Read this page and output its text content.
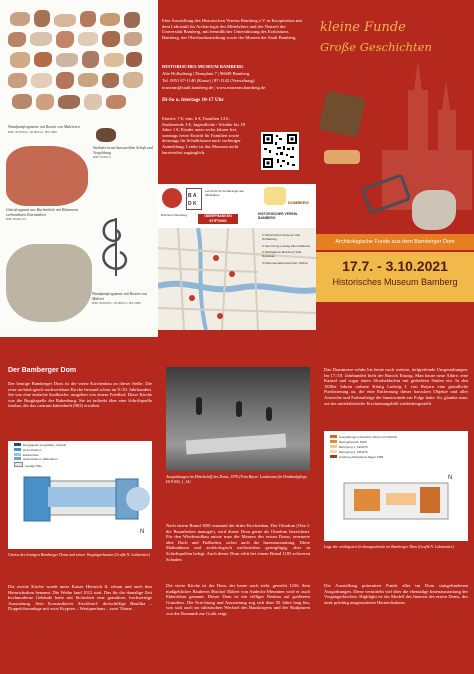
Wandputzfragmente mit Resten von Malereien
HM 18 000/41, 18 000/21, HY 2006
Sitzlederin mit kunstvollem Schaft und Vergoldung
HM 18 661/2
Gitterfragment aus Buchenholz mit Klammern verbundenen Eisenstäben
HM 18 661/15
Wandputzfragmente mit Resten von Malerei
HM 18 000/41, 18 000/21, HY 2006
Eine Ausstellung des Historischen Vereins Bamberg e.V. in Kooperation mit dem Lehrstuhl für Archäologie des Mittelalters und der Neuzeit der Universität Bamberg, mit freundlicher Unterstützung des Erzbistums Bamberg, der Oberfrankenstiftung sowie der Museen der Stadt Bamberg.
HISTORISCHES MUSEUM BAMBERG
Alte Hofhaltung | Domplatz 7 | 96049 Bamberg
Tel. 0951 87-1140 (Kasse) | 87-1142 (Verwaltung)
museum@stadt.bamberg.de | www.museum.bamberg.de
Di-So u. feiertags 10-17 Uhr
Eintritt: 7 €, erm. 6 €, Familien 14 €, Studierende 3 €, Jugendliche / Schüler bis 18 Jahre 1 €, Kinder unter sechs Jahren frei, sonntags freier Eintritt für Familien sowie dienstags für Schulklassen nach vorheriger Anmeldung. Leider ist das Museum nicht barrierefrei zugänglich.
B A
D K
Lehrstuhl für Archäologie des Mittelalters
DOMBERG
Erzbistum Bamberg	OBERFRANKEN STIFTUNG
HISTORISCHER VEREIN BAMBERG
1 Historisches Museum Alte Hofhaltung
2 Sammlung Ludwig Altes Rathaus
3 Stadtgalerie Bamberg Villa Dessauer
4 Dokumentationszentrum Wilma
kleine Funde
Große Geschichten
Archäologische Funde aus dem Bamberger Dom
17.7. - 3.10.2021
Historisches Museum Bamberg
Der Bamberger Dom
Der heutige Bamberger Dom ist der vierte Kirchenbau an dieser Stelle. Die erste archäologisch nachweisbare Kirche bestand schon im 9./10. Jahrhundert. Sie war eine einfache Saalkirche, umgeben von einem Friedhof. Diese Kirche war die Burgkapelle der Babenburg. Sie ist indirekt über eine Schriftquelle fassbar, die das castrum babenberh (902) erwähnt.
N
Burgkapelle (ungefährer Verlauf)
Heinrichsdom
Eckbertdom
Heinrichsdom, Ekbertdom
heutiger Bau
Umriss des heutigen Bamberger Doms und seiner Vorgängerbauten (Grafik N. Lobmeister)
Die zweite Kirche wurde unter Kaiser Heinrich II. erbaut und auch ihm Heinrichsdom benannt. Die Weihe fand 1012 statt. Das für die damalige Zeit hochmoderne Gebäude hatte mit Sicherheit eine grandiose, hochwertige Ausstattung. Sein Konstruktiver Stockbrief: dreischiffige Basilika – Doppelchoranlage mit zwei Krypten – Westquerhaus – zwei Türme.
Ausgrabungen im Mittelschiff des Doms, 1970 (Foto Bayer. Landesamt für Denkmalpflege, D19 004_1_14)
Nach einem Brand 1081 entstand der dritte Kirchenbau. Der Ottodom (Otto I. die Bauarbeiten managte), wird dieser Dom gerne als Ottodom bezeichnet. Für den Wiederaufbau nutzte man die Mauern des ersten Doms, erneuerte aber Dach und Fußboden, sicher auch die Innenausstattung. Diese Maßnahmen und archäologisch nachweisbar geringfügig, aber in Schriftquellen belegt. Auch dieser Dom erlitt bei einem Brand 1185 schweren Schaden.
Die vierte Kirche ist der Dom, der heute noch steht, geweiht 1236. Sein maßgeblicher Bauherrn Bischof Ekbert von Andechs-Meranien wird er auch Ekbertdom genannt. Dieser Dom ist ein völliger Neubau auf größerem Grundriss. Die Errichtung und Ausstattung zog sich über 50 Jahre lang hin, was sich auch im stilistischen Wechsel des Bauskörpers und der Skulpturen von der Romanik zur Gotik zeigt.
Das Dominnere erfuhr bis heute noch weitere, tiefgreifende Umgestaltungen. Im 17./18. Jahrhundert hielt der Barock Einzug. Man baute neue Altäre, eine Kanzel und sogar einen Altarbaldachin mit gedrehten Säulen ein. In den 1830er Jahren ordnete König Ludwig I. von Bayern eine gründliche Purifizierung an, die eine Entfernung dieser barocken Objekte und aller Anstriche und Farbaufträge der Innenwände zur Folge hatte. So, glaubte man, sei das mittelalterliche Erscheinungsbild wiederhergestellt.
N
Ausgrabungen Westchor 2013 und 2016/16
Beringsbereich 1969
Beringung 1, 1960/76
Beringung 2, 1960/76
Grabung Arbeitskreis Nagel 1965
Lage der wichtigsten Grabungsschnitte im Bamberger Dom (Grafik N. Lobmeister)
Die Ausstellung präsentiert Funde aller im Dom stattgefundenen Ausgrabungen. Diese vermitteln viel über die ehemalige Innenausstattung der Vorgängerkirchen. Highlight ist ein Modell des Inneren des ersten Doms, des einst prächtig ausgestatteten Heinrichsdoms.
